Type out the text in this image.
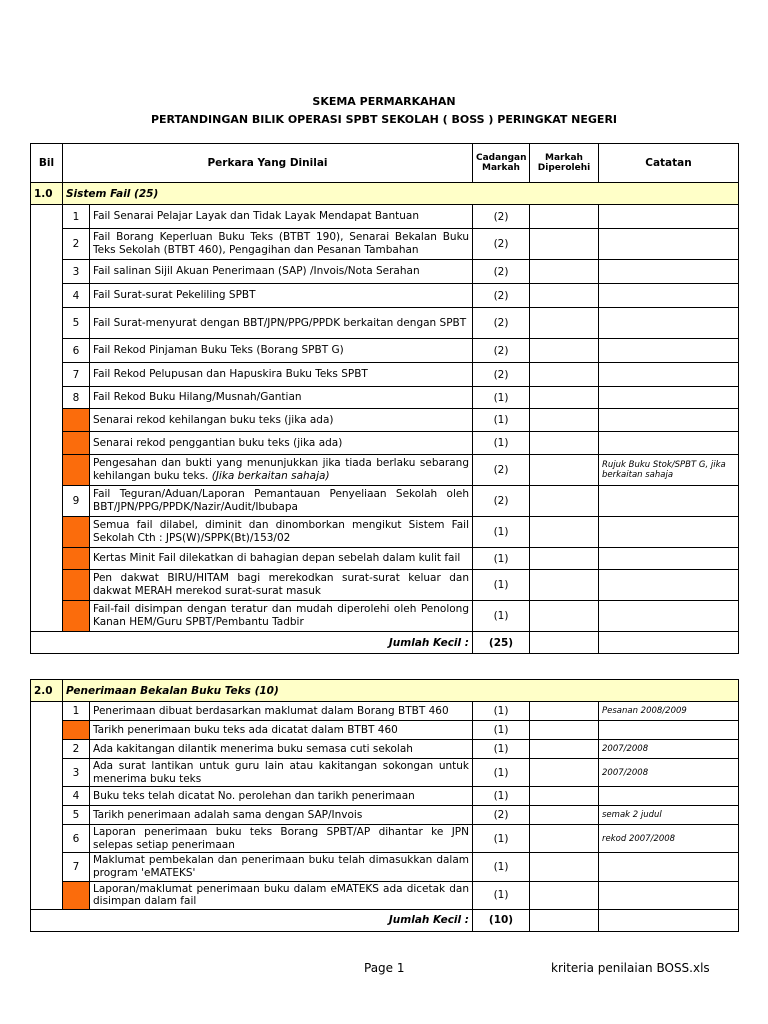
SKEMA PERMARKAHAN
PERTANDINGAN BILIK OPERASI SPBT SEKOLAH ( BOSS ) PERINGKAT NEGERI
Bil	Perkara Yang Dinilai		Cadangan Markah	Markah Diperolehi	Catatan
1.0	Sistem Fail (25)				
	1	Fail Senarai Pelajar Layak dan Tidak Layak Mendapat Bantuan	(2)		
	2	Fail Borang Keperluan Buku Teks (BTBT 190), Senarai Bekalan Buku Teks Sekolah (BTBT 460), Pengagihan dan Pesanan Tambahan	(2)		
	3	Fail salinan Sijil Akuan Penerimaan (SAP) /Invois/Nota Serahan	(2)		
	4	Fail Surat-surat Pekeliling SPBT	(2)		
	5	Fail Surat-menyurat dengan BBT/JPN/PPG/PPDK berkaitan dengan SPBT	(2)		
	6	Fail Rekod Pinjaman Buku Teks (Borang SPBT G)	(2)		
	7	Fail Rekod Pelupusan dan Hapuskira Buku Teks SPBT	(2)		
	8	Fail Rekod Buku Hilang/Musnah/Gantian	(1)		
		Senarai rekod kehilangan buku teks (jika ada)	(1)		
		Senarai rekod penggantian buku teks (jika ada)	(1)		
		Pengesahan dan bukti yang menunjukkan jika tiada berlaku sebarang kehilangan buku teks. (Jika berkaitan sahaja)	(2)		Rujuk Buku Stok/SPBT G, jika berkaitan sahaja
	9	Fail Teguran/Aduan/Laporan Pemantauan Penyeliaan Sekolah oleh BBT/JPN/PPG/PPDK/Nazir/Audit/Ibubapa	(2)		
		Semua fail dilabel, diminit dan dinomborkan mengikut Sistem Fail Sekolah Cth : JPS(W)/SPPK(Bt)/153/02	(1)		
		Kertas Minit Fail dilekatkan di bahagian depan sebelah dalam kulit fail	(1)		
		Pen dakwat BIRU/HITAM bagi merekodkan surat-surat keluar dan dakwat MERAH merekod surat-surat masuk	(1)		
		Fail-fail disimpan dengan teratur dan mudah diperolehi oleh Penolong Kanan HEM/Guru SPBT/Pembantu Tadbir	(1)		
Jumlah Kecil :			(25)		
2.0	Penerimaan Bekalan Buku Teks (10)				
	1	Penerimaan dibuat berdasarkan maklumat dalam Borang BTBT 460	(1)		Pesanan 2008/2009
		Tarikh penerimaan buku teks ada dicatat dalam BTBT 460	(1)		
	2	Ada kakitangan dilantik menerima buku semasa cuti sekolah	(1)		2007/2008
	3	Ada surat lantikan untuk guru lain atau kakitangan sokongan untuk menerima buku teks	(1)		2007/2008
	4	Buku teks telah dicatat No. perolehan dan tarikh penerimaan	(1)		
	5	Tarikh penerimaan adalah sama dengan SAP/Invois	(2)		semak 2 judul
	6	Laporan penerimaan buku teks Borang SPBT/AP dihantar ke JPN selepas setiap penerimaan	(1)		rekod 2007/2008
	7	Maklumat pembekalan dan penerimaan buku telah dimasukkan dalam program 'eMATEKS'	(1)		
		Laporan/maklumat penerimaan buku dalam eMATEKS ada dicetak dan disimpan dalam fail	(1)		
Jumlah Kecil :			(10)		
Page 1	kriteria penilaian BOSS.xls
